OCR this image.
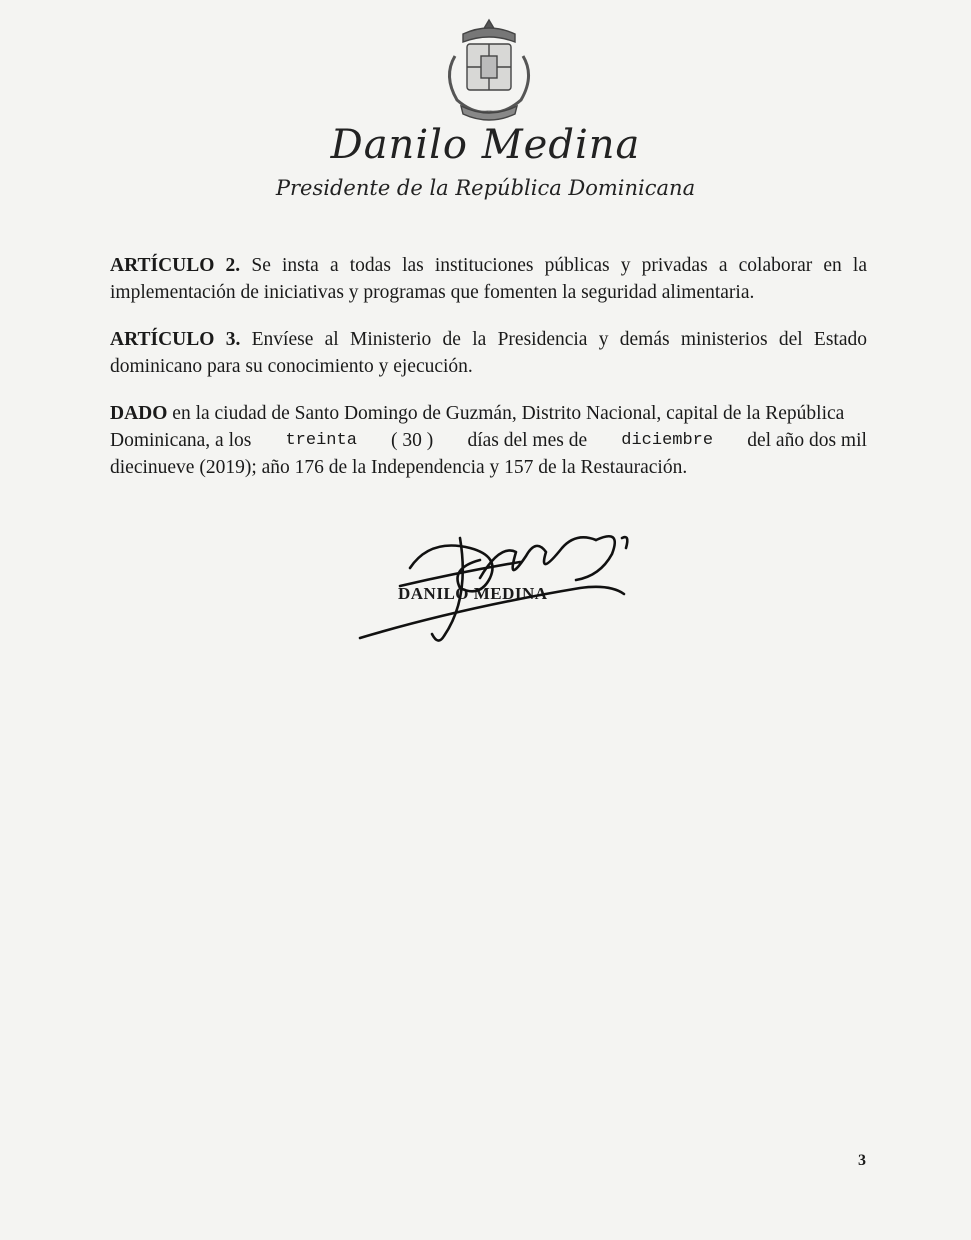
Danilo Medina
Presidente de la República Dominicana
ARTÍCULO 2. Se insta a todas las instituciones públicas y privadas a colaborar en la implementación de iniciativas y programas que fomenten la seguridad alimentaria.
ARTÍCULO 3. Envíese al Ministerio de la Presidencia y demás ministerios del Estado dominicano para su conocimiento y ejecución.
DADO en la ciudad de Santo Domingo de Guzmán, Distrito Nacional, capital de la República
Dominicana, a los treinta ( 30 ) días del mes de diciembre del año dos mil
diecinueve (2019); año 176 de la Independencia y 157 de la Restauración.
DANILO MEDINA
3
